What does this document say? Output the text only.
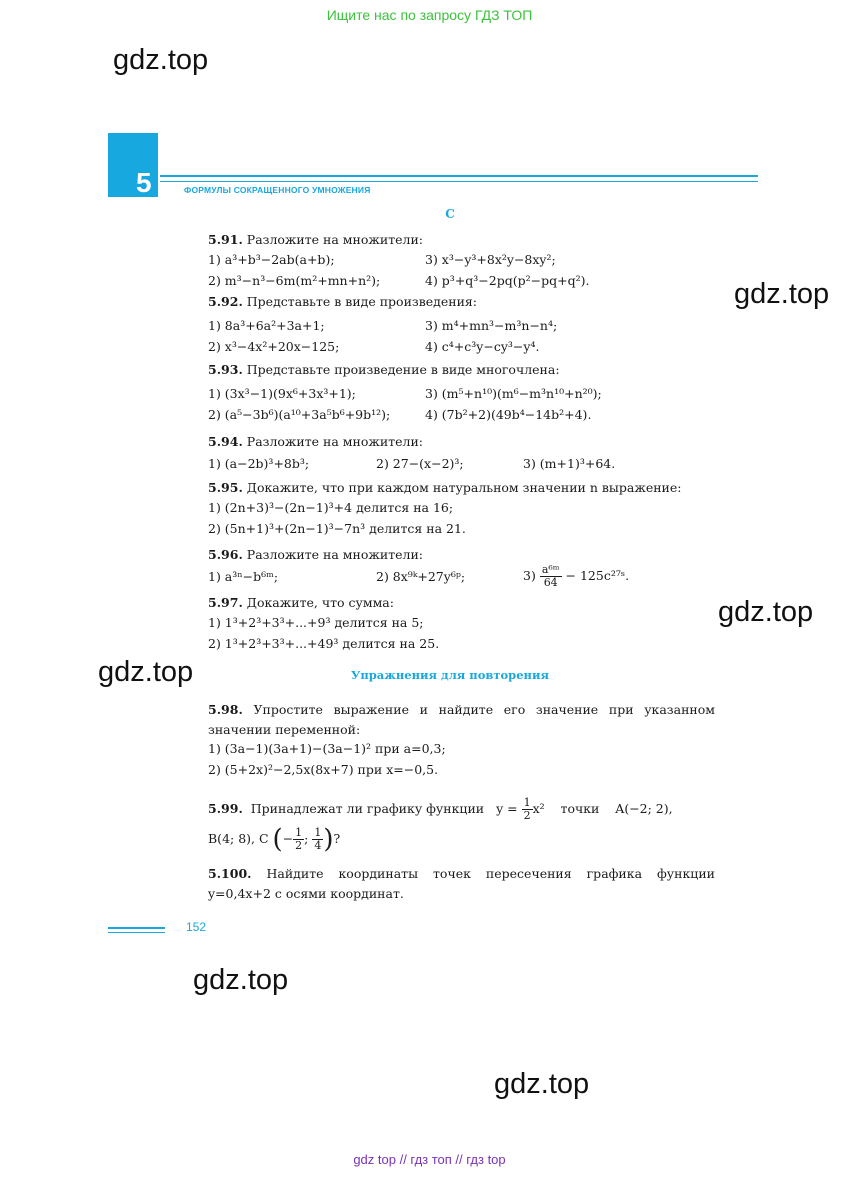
Ищите нас по запросу ГДЗ ТОП
gdz.top
gdz.top
gdz.top
gdz.top
gdz.top
gdz.top
5	ФОРМУЛЫ СОКРАЩЕННОГО УМНОЖЕНИЯ
C
5.91. Разложите на множители:
1) a³+b³−2ab(a+b);	3) x³−y³+8x²y−8xy²;
2) m³−n³−6m(m²+mn+n²);	4) p³+q³−2pq(p²−pq+q²).
5.92. Представьте в виде произведения:
1) 8a³+6a²+3a+1;	3) m⁴+mn³−m³n−n⁴;
2) x³−4x²+20x−125;	4) c⁴+c³y−cy³−y⁴.
5.93. Представьте произведение в виде многочлена:
1) (3x³−1)(9x⁶+3x³+1);	3) (m⁵+n¹⁰)(m⁶−m³n¹⁰+n²⁰);
2) (a⁵−3b⁶)(a¹⁰+3a⁵b⁶+9b¹²);	4) (7b²+2)(49b⁴−14b²+4).
5.94. Разложите на множители:
1) (a−2b)³+8b³;	2) 27−(x−2)³;	3) (m+1)³+64.
5.95. Докажите, что при каждом натуральном значении n выражение:
1) (2n+3)³−(2n−1)³+4 делится на 16;
2) (5n+1)³+(2n−1)³−7n³ делится на 21.
5.96. Разложите на множители:
1) a³ⁿ−b⁶ᵐ;	2) 8x⁹ᵏ+27y⁶ᵖ;	$3) \frac{\text{a⁶ᵐ}}{64}$ − 125c²⁷ˢ.
5.97. Докажите, что сумма:
1) 1³+2³+3³+...+9³ делится на 5;
2) 1³+2³+3³+...+49³ делится на 25.
Упражнения для повторения
5.98. Упростите выражение и найдите его значение при указанном значении переменной:
1) (3a−1)(3a+1)−(3a−1)² при a=0,3;
2) (5+2x)²−2,5x(8x+7) при x=−0,5.
5.99. Принадлежат ли графику функции $y = \frac{1}{2} x^2$ точки A(−2; 2),
B(4; 8), C (− $\frac{1}{2}$ ; $\frac{1}{4}$ )?
5.100. Найдите координаты точек пересечения графика функции y=0,4x+2 с осями координат.
152
gdz top // гдз топ // гдз top
